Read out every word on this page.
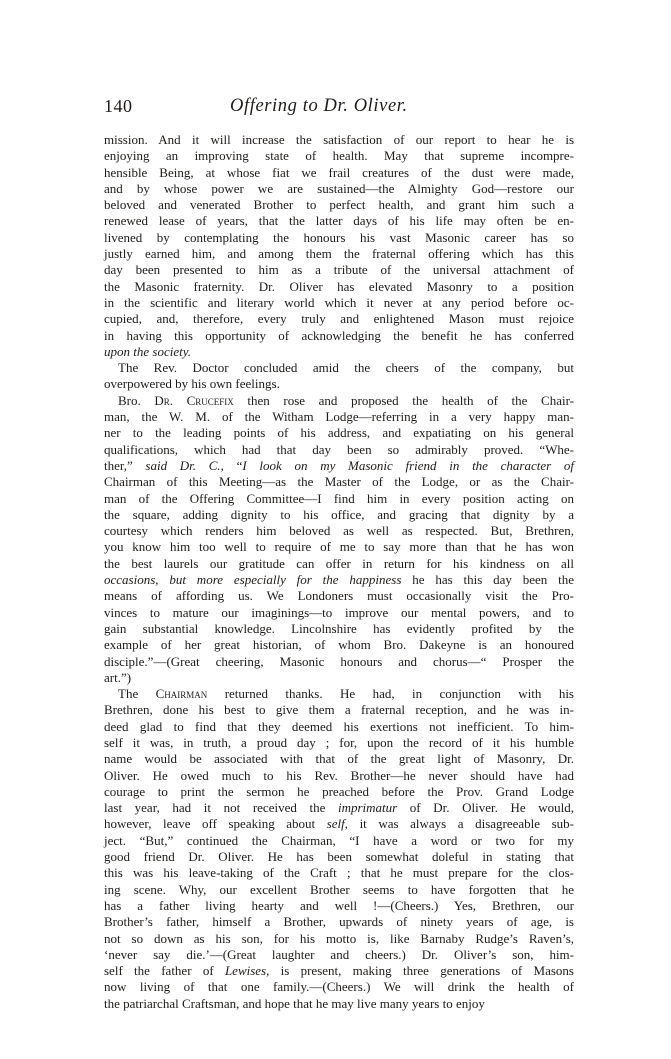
140	Offering to Dr. Oliver.

mission. And it will increase the satisfaction of our report to hear he is

enjoying an improving state of health. May that supreme incompre-

hensible Being, at whose fiat we frail creatures of the dust were made,

and by whose power we are sustained—the Almighty God—restore our

beloved and venerated Brother to perfect health, and grant him such a

renewed lease of years, that the latter days of his life may often be en-

livened by contemplating the honours his vast Masonic career has so

justly earned him, and among them the fraternal offering which has this

day been presented to him as a tribute of the universal attachment of

the Masonic fraternity. Dr. Oliver has elevated Masonry to a position

in the scientific and literary world which it never at any period before oc-

cupied, and, therefore, every truly and enlightened Mason must rejoice

in having this opportunity of acknowledging the benefit he has conferred

upon the society.

The Rev. Doctor concluded amid the cheers of the company, but

overpowered by his own feelings.

Bro. Dr. Crucefix then rose and proposed the health of the Chair-

man, the W. M. of the Witham Lodge—referring in a very happy man-

ner to the leading points of his address, and expatiating on his general

qualifications, which had that day been so admirably proved. “Whe-

ther,” said Dr. C., “I look on my Masonic friend in the character of

Chairman of this Meeting—as the Master of the Lodge, or as the Chair-

man of the Offering Committee—I find him in every position acting on

the square, adding dignity to his office, and gracing that dignity by a

courtesy which renders him beloved as well as respected. But, Brethren,

you know him too well to require of me to say more than that he has won

the best laurels our gratitude can offer in return for his kindness on all

occasions, but more especially for the happiness he has this day been the

means of affording us. We Londoners must occasionally visit the Pro-

vinces to mature our imaginings—to improve our mental powers, and to

gain substantial knowledge. Lincolnshire has evidently profited by the

example of her great historian, of whom Bro. Dakeyne is an honoured

disciple.”—(Great cheering, Masonic honours and chorus—“ Prosper the

art.”)

The Chairman returned thanks. He had, in conjunction with his

Brethren, done his best to give them a fraternal reception, and he was in-

deed glad to find that they deemed his exertions not inefficient. To him-

self it was, in truth, a proud day ; for, upon the record of it his humble

name would be associated with that of the great light of Masonry, Dr.

Oliver. He owed much to his Rev. Brother—he never should have had

courage to print the sermon he preached before the Prov. Grand Lodge

last year, had it not received the imprimatur of Dr. Oliver. He would,

however, leave off speaking about self, it was always a disagreeable sub-

ject. “But,” continued the Chairman, “I have a word or two for my

good friend Dr. Oliver. He has been somewhat doleful in stating that

this was his leave-taking of the Craft ; that he must prepare for the clos-

ing scene. Why, our excellent Brother seems to have forgotten that he

has a father living hearty and well !—(Cheers.) Yes, Brethren, our

Brother’s father, himself a Brother, upwards of ninety years of age, is

not so down as his son, for his motto is, like Barnaby Rudge’s Raven’s,

‘never say die.’—(Great laughter and cheers.) Dr. Oliver’s son, him-

self the father of Lewises, is present, making three generations of Masons

now living of that one family.—(Cheers.) We will drink the health of

the patriarchal Craftsman, and hope that he may live many years to enjoy
